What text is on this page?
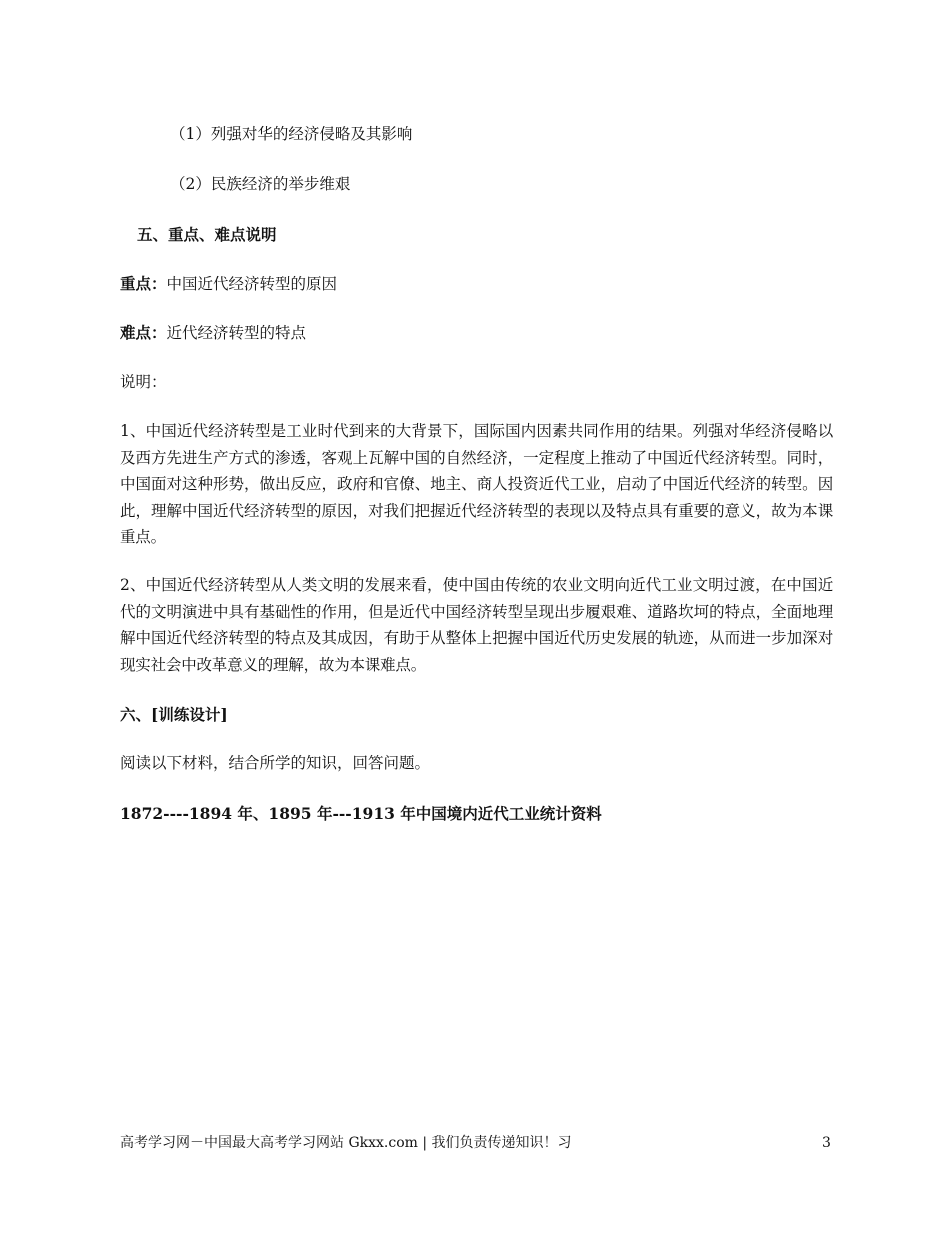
（1）列强对华的经济侵略及其影响
（2）民族经济的举步维艰
五、重点、难点说明
重点：中国近代经济转型的原因
难点：近代经济转型的特点
说明：
1、中国近代经济转型是工业时代到来的大背景下，国际国内因素共同作用的结果。列强对华经济侵略以及西方先进生产方式的渗透，客观上瓦解中国的自然经济，一定程度上推动了中国近代经济转型。同时，中国面对这种形势，做出反应，政府和官僚、地主、商人投资近代工业，启动了中国近代经济的转型。因此，理解中国近代经济转型的原因，对我们把握近代经济转型的表现以及特点具有重要的意义，故为本课重点。
2、中国近代经济转型从人类文明的发展来看，使中国由传统的农业文明向近代工业文明过渡，在中国近代的文明演进中具有基础性的作用，但是近代中国经济转型呈现出步履艰难、道路坎坷的特点，全面地理解中国近代经济转型的特点及其成因，有助于从整体上把握中国近代历史发展的轨迹，从而进一步加深对现实社会中改革意义的理解，故为本课难点。
六、[训练设计]
阅读以下材料，结合所学的知识，回答问题。
1872----1894 年、1895 年---1913 年中国境内近代工业统计资料
高考学习网－中国最大高考学习网站 Gkxx.com | 我们负责传递知识！习	3
